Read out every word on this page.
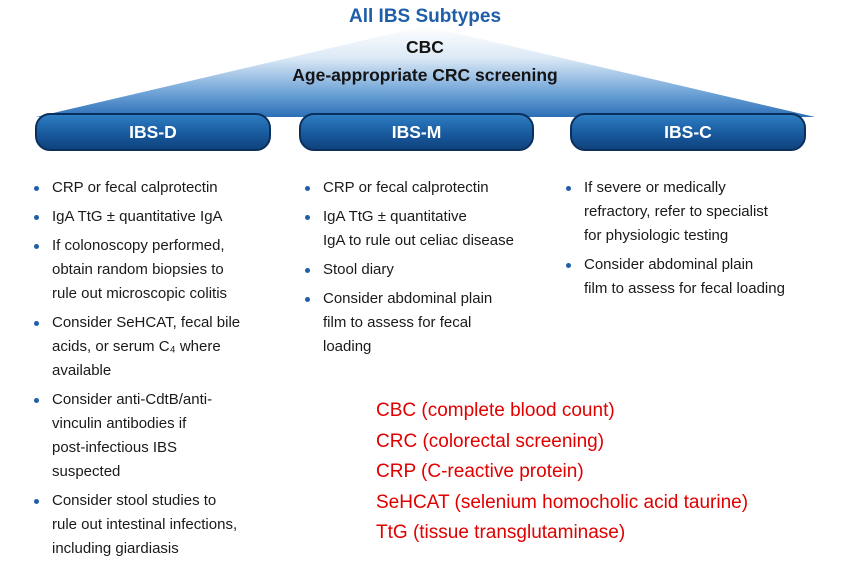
All IBS Subtypes
CBC
Age-appropriate CRC screening
IBS-D	IBS-M	IBS-C
CRP or fecal calprotectin
IgA TtG ± quantitative IgA
If colonoscopy performed,
obtain random biopsies to
rule out microscopic colitis
Consider SeHCAT, fecal bile
acids, or serum C₄ where
available
Consider anti-CdtB/anti-
vinculin antibodies if
post-infectious IBS
suspected
Consider stool studies to
rule out intestinal infections,
including giardiasis
CRP or fecal calprotectin
IgA TtG ± quantitative
IgA to rule out celiac disease
Stool diary
Consider abdominal plain
film to assess for fecal
loading
If severe or medically
refractory, refer to specialist
for physiologic testing
Consider abdominal plain
film to assess for fecal loading
CBC (complete blood count)
CRC (colorectal screening)
CRP (C-reactive protein)
SeHCAT (selenium homocholic acid taurine)
TtG (tissue transglutaminase)
